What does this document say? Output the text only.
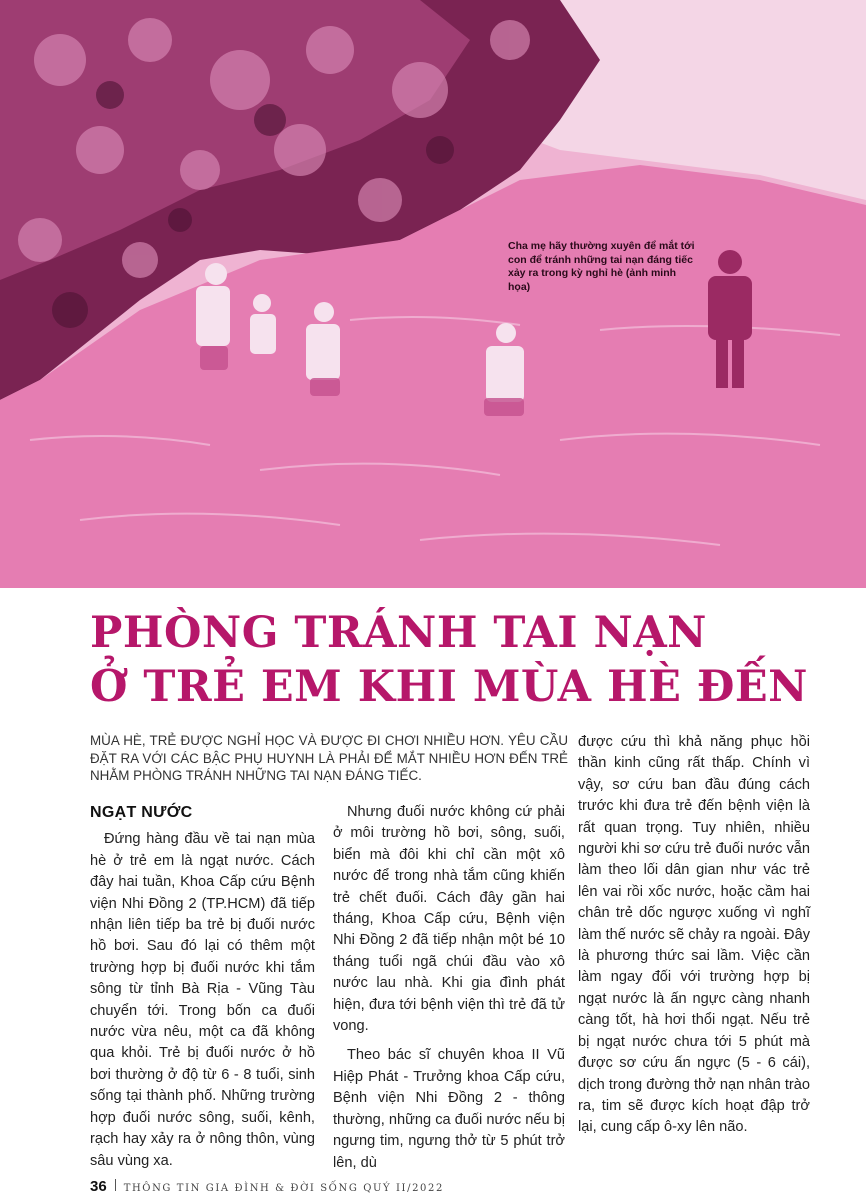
Cha mẹ hãy thường xuyên để mắt tới con để tránh những tai nạn đáng tiếc xảy ra trong kỳ nghỉ hè (ảnh minh họa)
PHÒNG TRÁNH TAI NẠN
Ở TRẺ EM KHI MÙA HÈ ĐẾN
MÙA HÈ, TRẺ ĐƯỢC NGHỈ HỌC VÀ ĐƯỢC ĐI CHƠI NHIỀU HƠN. YÊU CẦU ĐẶT RA VỚI CÁC BẬC PHỤ HUYNH LÀ PHẢI ĐỂ MẮT NHIỀU HƠN ĐẾN TRẺ NHẰM PHÒNG TRÁNH NHỮNG TAI NẠN ĐÁNG TIẾC.
NGẠT NƯỚC

Đứng hàng đầu về tai nạn mùa hè ở trẻ em là ngạt nước. Cách đây hai tuần, Khoa Cấp cứu Bệnh viện Nhi Đồng 2 (TP.HCM) đã tiếp nhận liên tiếp ba trẻ bị đuối nước hồ bơi. Sau đó lại có thêm một trường hợp bị đuối nước khi tắm sông từ tỉnh Bà Rịa - Vũng Tàu chuyển tới. Trong bốn ca đuối nước vừa nêu, một ca đã không qua khỏi. Trẻ bị đuối nước ở hồ bơi thường ở độ từ 6 - 8 tuổi, sinh sống tại thành phố. Những trường hợp đuối nước sông, suối, kênh, rạch hay xảy ra ở nông thôn, vùng sâu vùng xa.

Nhưng đuối nước không cứ phải ở môi trường hồ bơi, sông, suối, biển mà đôi khi chỉ cần một xô nước để trong nhà tắm cũng khiến trẻ chết đuối. Cách đây gần hai tháng, Khoa Cấp cứu, Bệnh viện Nhi Đồng 2 đã tiếp nhận một bé 10 tháng tuổi ngã chúi đầu vào xô nước lau nhà. Khi gia đình phát hiện, đưa tới bệnh viện thì trẻ đã tử vong.

Theo bác sĩ chuyên khoa II Vũ Hiệp Phát - Trưởng khoa Cấp cứu, Bệnh viện Nhi Đồng 2 - thông thường, những ca đuối nước nếu bị ngưng tim, ngưng thở từ 5 phút trở lên, dù

được cứu thì khả năng phục hồi thần kinh cũng rất thấp. Chính vì vậy, sơ cứu ban đầu đúng cách trước khi đưa trẻ đến bệnh viện là rất quan trọng. Tuy nhiên, nhiều người khi sơ cứu trẻ đuối nước vẫn làm theo lối dân gian như vác trẻ lên vai rồi xốc nước, hoặc cầm hai chân trẻ dốc ngược xuống vì nghĩ làm thế nước sẽ chảy ra ngoài. Đây là phương thức sai lầm. Việc cần làm ngay đối với trường hợp bị ngạt nước là ấn ngực càng nhanh càng tốt, hà hơi thổi ngạt. Nếu trẻ bị ngạt nước chưa tới 5 phút mà được sơ cứu ấn ngực (5 - 6 cái), dịch trong đường thở nạn nhân trào ra, tim sẽ được kích hoạt đập trở lại, cung cấp ô-xy lên não.

36 THÔNG TIN GIA ĐÌNH & ĐỜI SỐNG QUÝ II/2022
